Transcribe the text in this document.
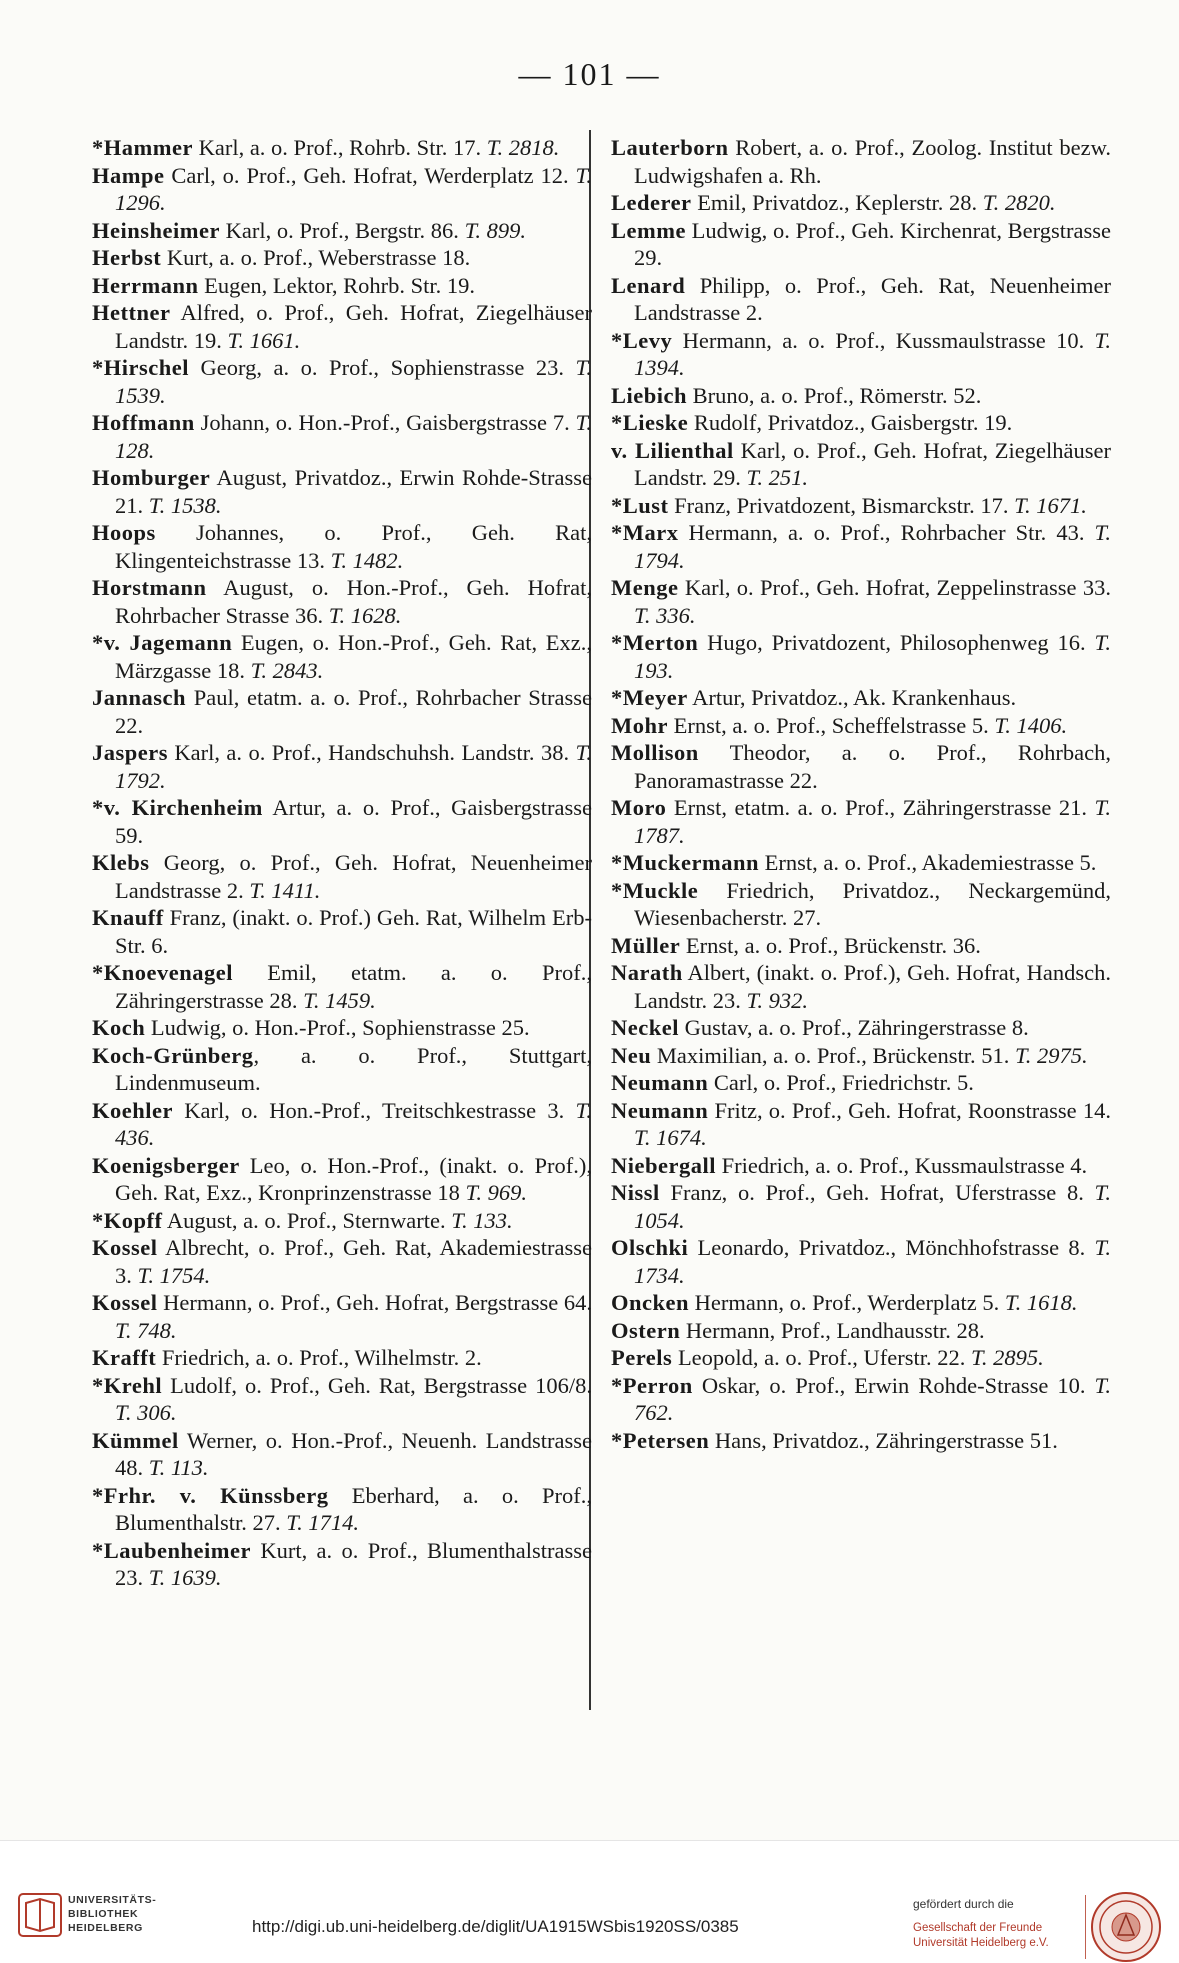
— 101 —

*Hammer Karl, a. o. Prof., Rohrb. Str. 17. T. 2818.

Hampe Carl, o. Prof., Geh. Hofrat, Werderplatz 12. T. 1296.

Heinsheimer Karl, o. Prof., Bergstr. 86. T. 899.

Herbst Kurt, a. o. Prof., Weberstrasse 18.

Herrmann Eugen, Lektor, Rohrb. Str. 19.

Hettner Alfred, o. Prof., Geh. Hofrat, Ziegelhäuser Landstr. 19. T. 1661.

*Hirschel Georg, a. o. Prof., Sophienstrasse 23. T. 1539.

Hoffmann Johann, o. Hon.-Prof., Gaisbergstrasse 7. T. 128.

Homburger August, Privatdoz., Erwin Rohde-Strasse 21. T. 1538.

Hoops Johannes, o. Prof., Geh. Rat, Klingenteichstrasse 13. T. 1482.

Horstmann August, o. Hon.-Prof., Geh. Hofrat, Rohrbacher Strasse 36. T. 1628.

*v. Jagemann Eugen, o. Hon.-Prof., Geh. Rat, Exz., Märzgasse 18. T. 2843.

Jannasch Paul, etatm. a. o. Prof., Rohrbacher Strasse 22.

Jaspers Karl, a. o. Prof., Handschuhsh. Landstr. 38. T. 1792.

*v. Kirchenheim Artur, a. o. Prof., Gaisbergstrasse 59.

Klebs Georg, o. Prof., Geh. Hofrat, Neuenheimer Landstrasse 2. T. 1411.

Knauff Franz, (inakt. o. Prof.) Geh. Rat, Wilhelm Erb-Str. 6.

*Knoevenagel Emil, etatm. a. o. Prof., Zähringerstrasse 28. T. 1459.

Koch Ludwig, o. Hon.-Prof., Sophienstrasse 25.

Koch-Grünberg, a. o. Prof., Stuttgart, Lindenmuseum.

Koehler Karl, o. Hon.-Prof., Treitschkestrasse 3. T. 436.

Koenigsberger Leo, o. Hon.-Prof., (inakt. o. Prof.), Geh. Rat, Exz., Kronprinzenstrasse 18 T. 969.

*Kopff August, a. o. Prof., Sternwarte. T. 133.

Kossel Albrecht, o. Prof., Geh. Rat, Akademiestrasse 3. T. 1754.

Kossel Hermann, o. Prof., Geh. Hofrat, Bergstrasse 64. T. 748.

Krafft Friedrich, a. o. Prof., Wilhelmstr. 2.

*Krehl Ludolf, o. Prof., Geh. Rat, Bergstrasse 106/8. T. 306.

Kümmel Werner, o. Hon.-Prof., Neuenh. Landstrasse 48. T. 113.

*Frhr. v. Künssberg Eberhard, a. o. Prof., Blumenthalstr. 27. T. 1714.

*Laubenheimer Kurt, a. o. Prof., Blumenthalstrasse 23. T. 1639.

Lauterborn Robert, a. o. Prof., Zoolog. Institut bezw. Ludwigshafen a. Rh.

Lederer Emil, Privatdoz., Keplerstr. 28. T. 2820.

Lemme Ludwig, o. Prof., Geh. Kirchenrat, Bergstrasse 29.

Lenard Philipp, o. Prof., Geh. Rat, Neuenheimer Landstrasse 2.

*Levy Hermann, a. o. Prof., Kussmaulstrasse 10. T. 1394.

Liebich Bruno, a. o. Prof., Römerstr. 52.

*Lieske Rudolf, Privatdoz., Gaisbergstr. 19.

v. Lilienthal Karl, o. Prof., Geh. Hofrat, Ziegelhäuser Landstr. 29. T. 251.

*Lust Franz, Privatdozent, Bismarckstr. 17. T. 1671.

*Marx Hermann, a. o. Prof., Rohrbacher Str. 43. T. 1794.

Menge Karl, o. Prof., Geh. Hofrat, Zeppelinstrasse 33. T. 336.

*Merton Hugo, Privatdozent, Philosophenweg 16. T. 193.

*Meyer Artur, Privatdoz., Ak. Krankenhaus.

Mohr Ernst, a. o. Prof., Scheffelstrasse 5. T. 1406.

Mollison Theodor, a. o. Prof., Rohrbach, Panoramastrasse 22.

Moro Ernst, etatm. a. o. Prof., Zähringerstrasse 21. T. 1787.

*Muckermann Ernst, a. o. Prof., Akademiestrasse 5.

*Muckle Friedrich, Privatdoz., Neckargemünd, Wiesenbacherstr. 27.

Müller Ernst, a. o. Prof., Brückenstr. 36.

Narath Albert, (inakt. o. Prof.), Geh. Hofrat, Handsch. Landstr. 23. T. 932.

Neckel Gustav, a. o. Prof., Zähringerstrasse 8.

Neu Maximilian, a. o. Prof., Brückenstr. 51. T. 2975.

Neumann Carl, o. Prof., Friedrichstr. 5.

Neumann Fritz, o. Prof., Geh. Hofrat, Roonstrasse 14. T. 1674.

Niebergall Friedrich, a. o. Prof., Kussmaulstrasse 4.

Nissl Franz, o. Prof., Geh. Hofrat, Uferstrasse 8. T. 1054.

Olschki Leonardo, Privatdoz., Mönchhofstrasse 8. T. 1734.

Oncken Hermann, o. Prof., Werderplatz 5. T. 1618.

Ostern Hermann, Prof., Landhausstr. 28.

Perels Leopold, a. o. Prof., Uferstr. 22. T. 2895.

*Perron Oskar, o. Prof., Erwin Rohde-Strasse 10. T. 762.

*Petersen Hans, Privatdoz., Zähringerstrasse 51.

UNIVERSITÄTS-
BIBLIOTHEK
HEIDELBERG	http://digi.ub.uni-heidelberg.de/diglit/UA1915WSbis1920SS/0385
gefördert durch die
Gesellschaft der Freunde
Universität Heidelberg e.V.
